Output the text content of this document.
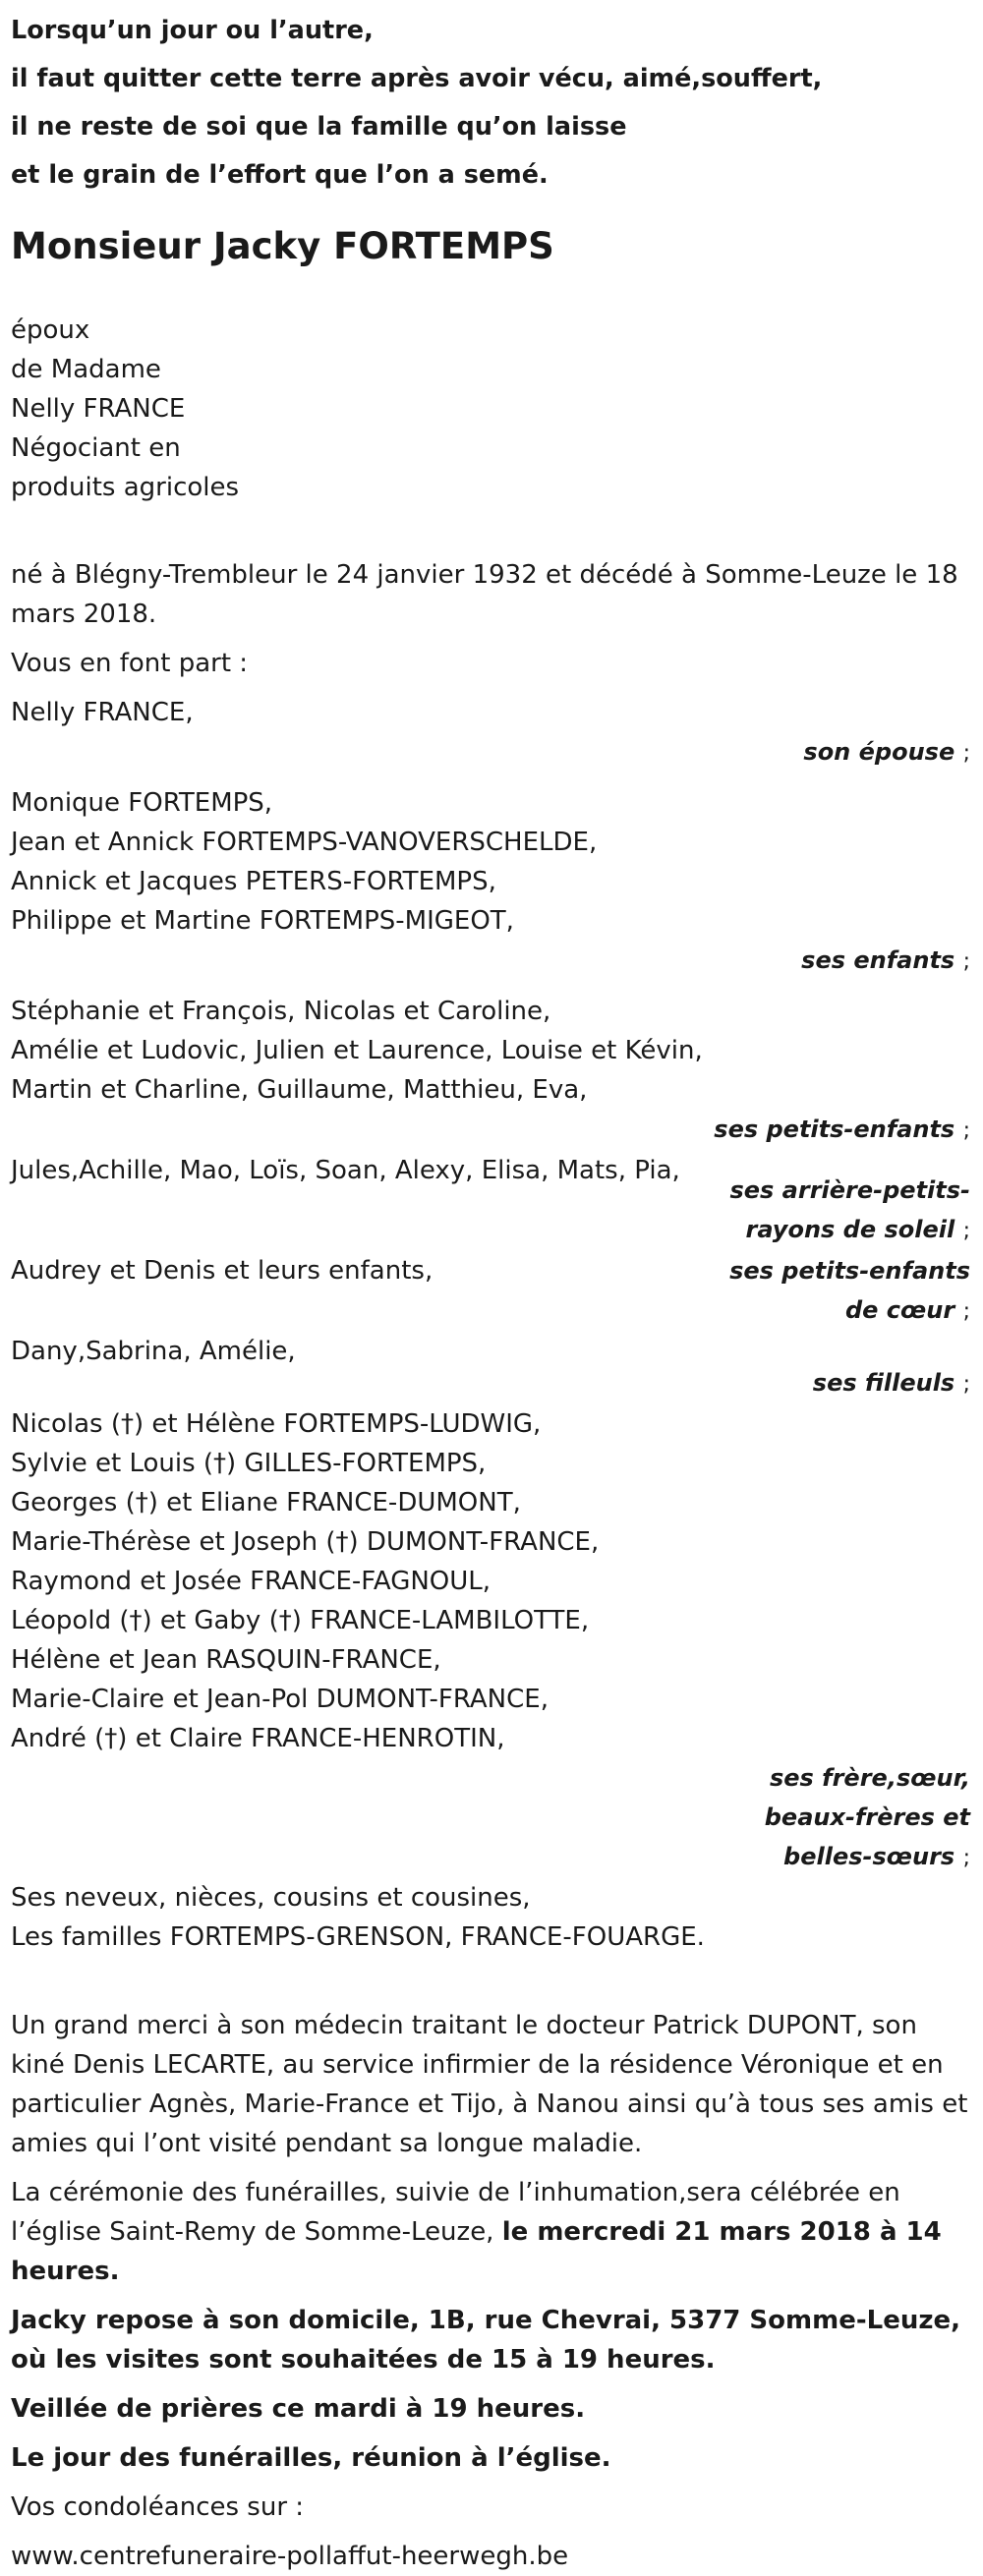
Lorsqu’un jour ou l’autre,
il faut quitter cette terre après avoir vécu, aimé,souffert,
il ne reste de soi que la famille qu’on laisse
et le grain de l’effort que l’on a semé.
Monsieur Jacky FORTEMPS
époux
de Madame
Nelly FRANCE
Négociant en
produits agricoles
né à Blégny-Trembleur le 24 janvier 1932 et décédé à Somme-Leuze le 18 mars 2018.
Vous en font part :
Nelly FRANCE,
son épouse ;
Monique FORTEMPS,
Jean et Annick FORTEMPS-VANOVERSCHELDE,
Annick et Jacques PETERS-FORTEMPS,
Philippe et Martine FORTEMPS-MIGEOT,
ses enfants ;
Stéphanie et François, Nicolas et Caroline,
Amélie et Ludovic, Julien et Laurence, Louise et Kévin,
Martin et Charline, Guillaume, Matthieu, Eva,
ses petits-enfants ;
Jules,Achille, Mao, Loïs, Soan, Alexy, Elisa, Mats, Pia,
ses arrière-petits-
rayons de soleil ;
Audrey et Denis et leurs enfants,	ses petits-enfants
de cœur ;
Dany,Sabrina, Amélie,
ses filleuls ;
Nicolas (†) et Hélène FORTEMPS-LUDWIG,
Sylvie et Louis (†) GILLES-FORTEMPS,
Georges (†) et Eliane FRANCE-DUMONT,
Marie-Thérèse et Joseph (†) DUMONT-FRANCE,
Raymond et Josée FRANCE-FAGNOUL,
Léopold (†) et Gaby (†) FRANCE-LAMBILOTTE,
Hélène et Jean RASQUIN-FRANCE,
Marie-Claire et Jean-Pol DUMONT-FRANCE,
André (†) et Claire FRANCE-HENROTIN,
ses frère,sœur,
beaux-frères et
belles-sœurs ;
Ses neveux, nièces, cousins et cousines,
Les familles FORTEMPS-GRENSON, FRANCE-FOUARGE.
Un grand merci à son médecin traitant le docteur Patrick DUPONT, son kiné Denis LECARTE, au service infirmier de la résidence Véronique et en particulier Agnès, Marie-France et Tijo, à Nanou ainsi qu’à tous ses amis et amies qui l’ont visité pendant sa longue maladie.
La cérémonie des funérailles, suivie de l’inhumation,sera célébrée en l’église Saint-Remy de Somme-Leuze, le mercredi 21 mars 2018 à 14 heures.
Jacky repose à son domicile, 1B, rue Chevrai, 5377 Somme-Leuze, où les visites sont souhaitées de 15 à 19 heures.
Veillée de prières ce mardi à 19 heures.
Le jour des funérailles, réunion à l’église.
Vos condoléances sur :
www.centrefuneraire-pollaffut-heerwegh.be
